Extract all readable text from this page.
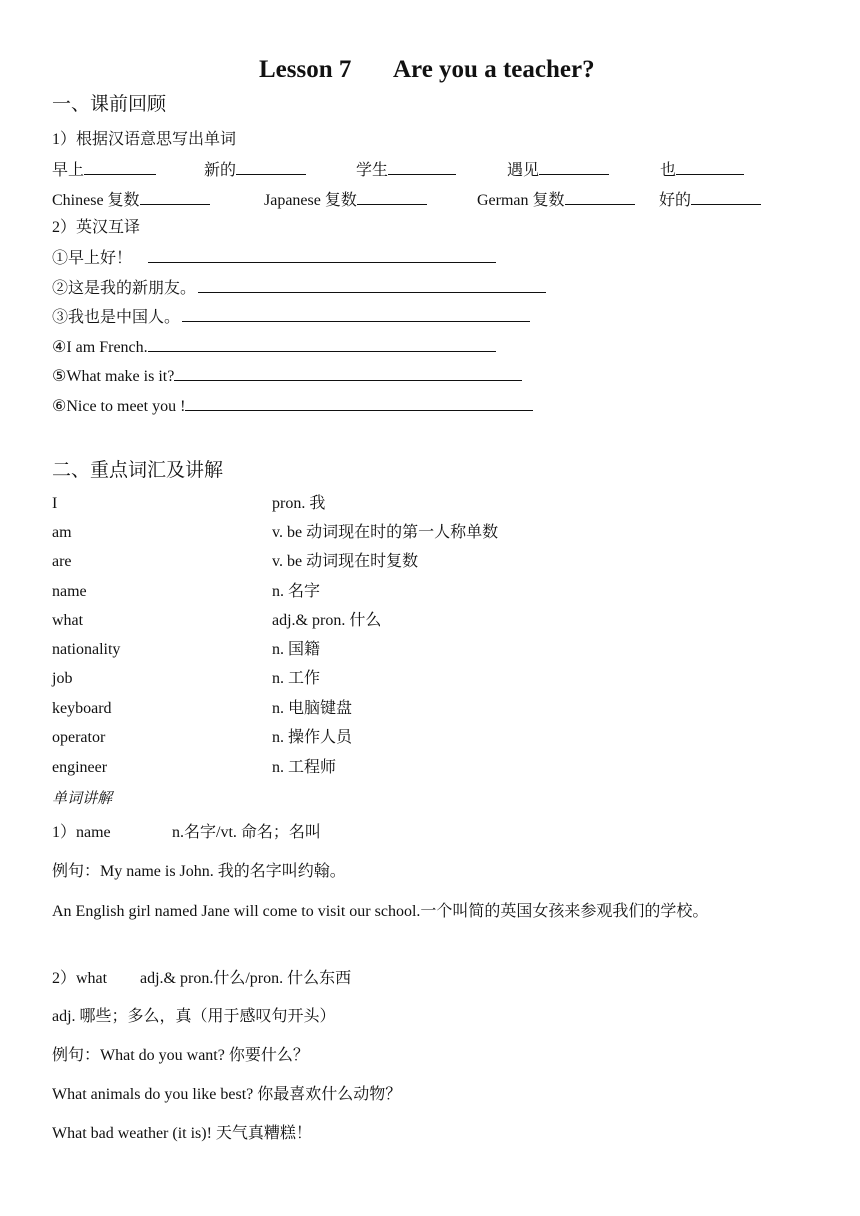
Lesson 7 Are you a teacher?
一、课前回顾
1）根据汉语意思写出单词
早上	新的	学生	遇见	也
Chinese 复数	Japanese 复数	German 复数	好的
2）英汉互译
①早上好！
②这是我的新朋友。
③我也是中国人。
④I am French.
⑤What make is it?
⑥Nice to meet you !
二、重点词汇及讲解
I	pron. 我
am	v. be 动词现在时的第一人称单数
are	v. be 动词现在时复数
name	n. 名字
what	adj.& pron. 什么
nationality	n. 国籍
job	n. 工作
keyboard	n. 电脑键盘
operator	n. 操作人员
engineer	n. 工程师
单词讲解
1）name	n.名字/vt. 命名；名叫
例句：My name is John. 我的名字叫约翰。
An English girl named Jane will come to visit our school.一个叫简的英国女孩来参观我们的学校。
2）what adj.& pron.什么/pron. 什么东西
adj. 哪些；多么，真（用于感叹句开头）
例句：What do you want? 你要什么？
What animals do you like best? 你最喜欢什么动物？
What bad weather (it is)! 天气真糟糕！
